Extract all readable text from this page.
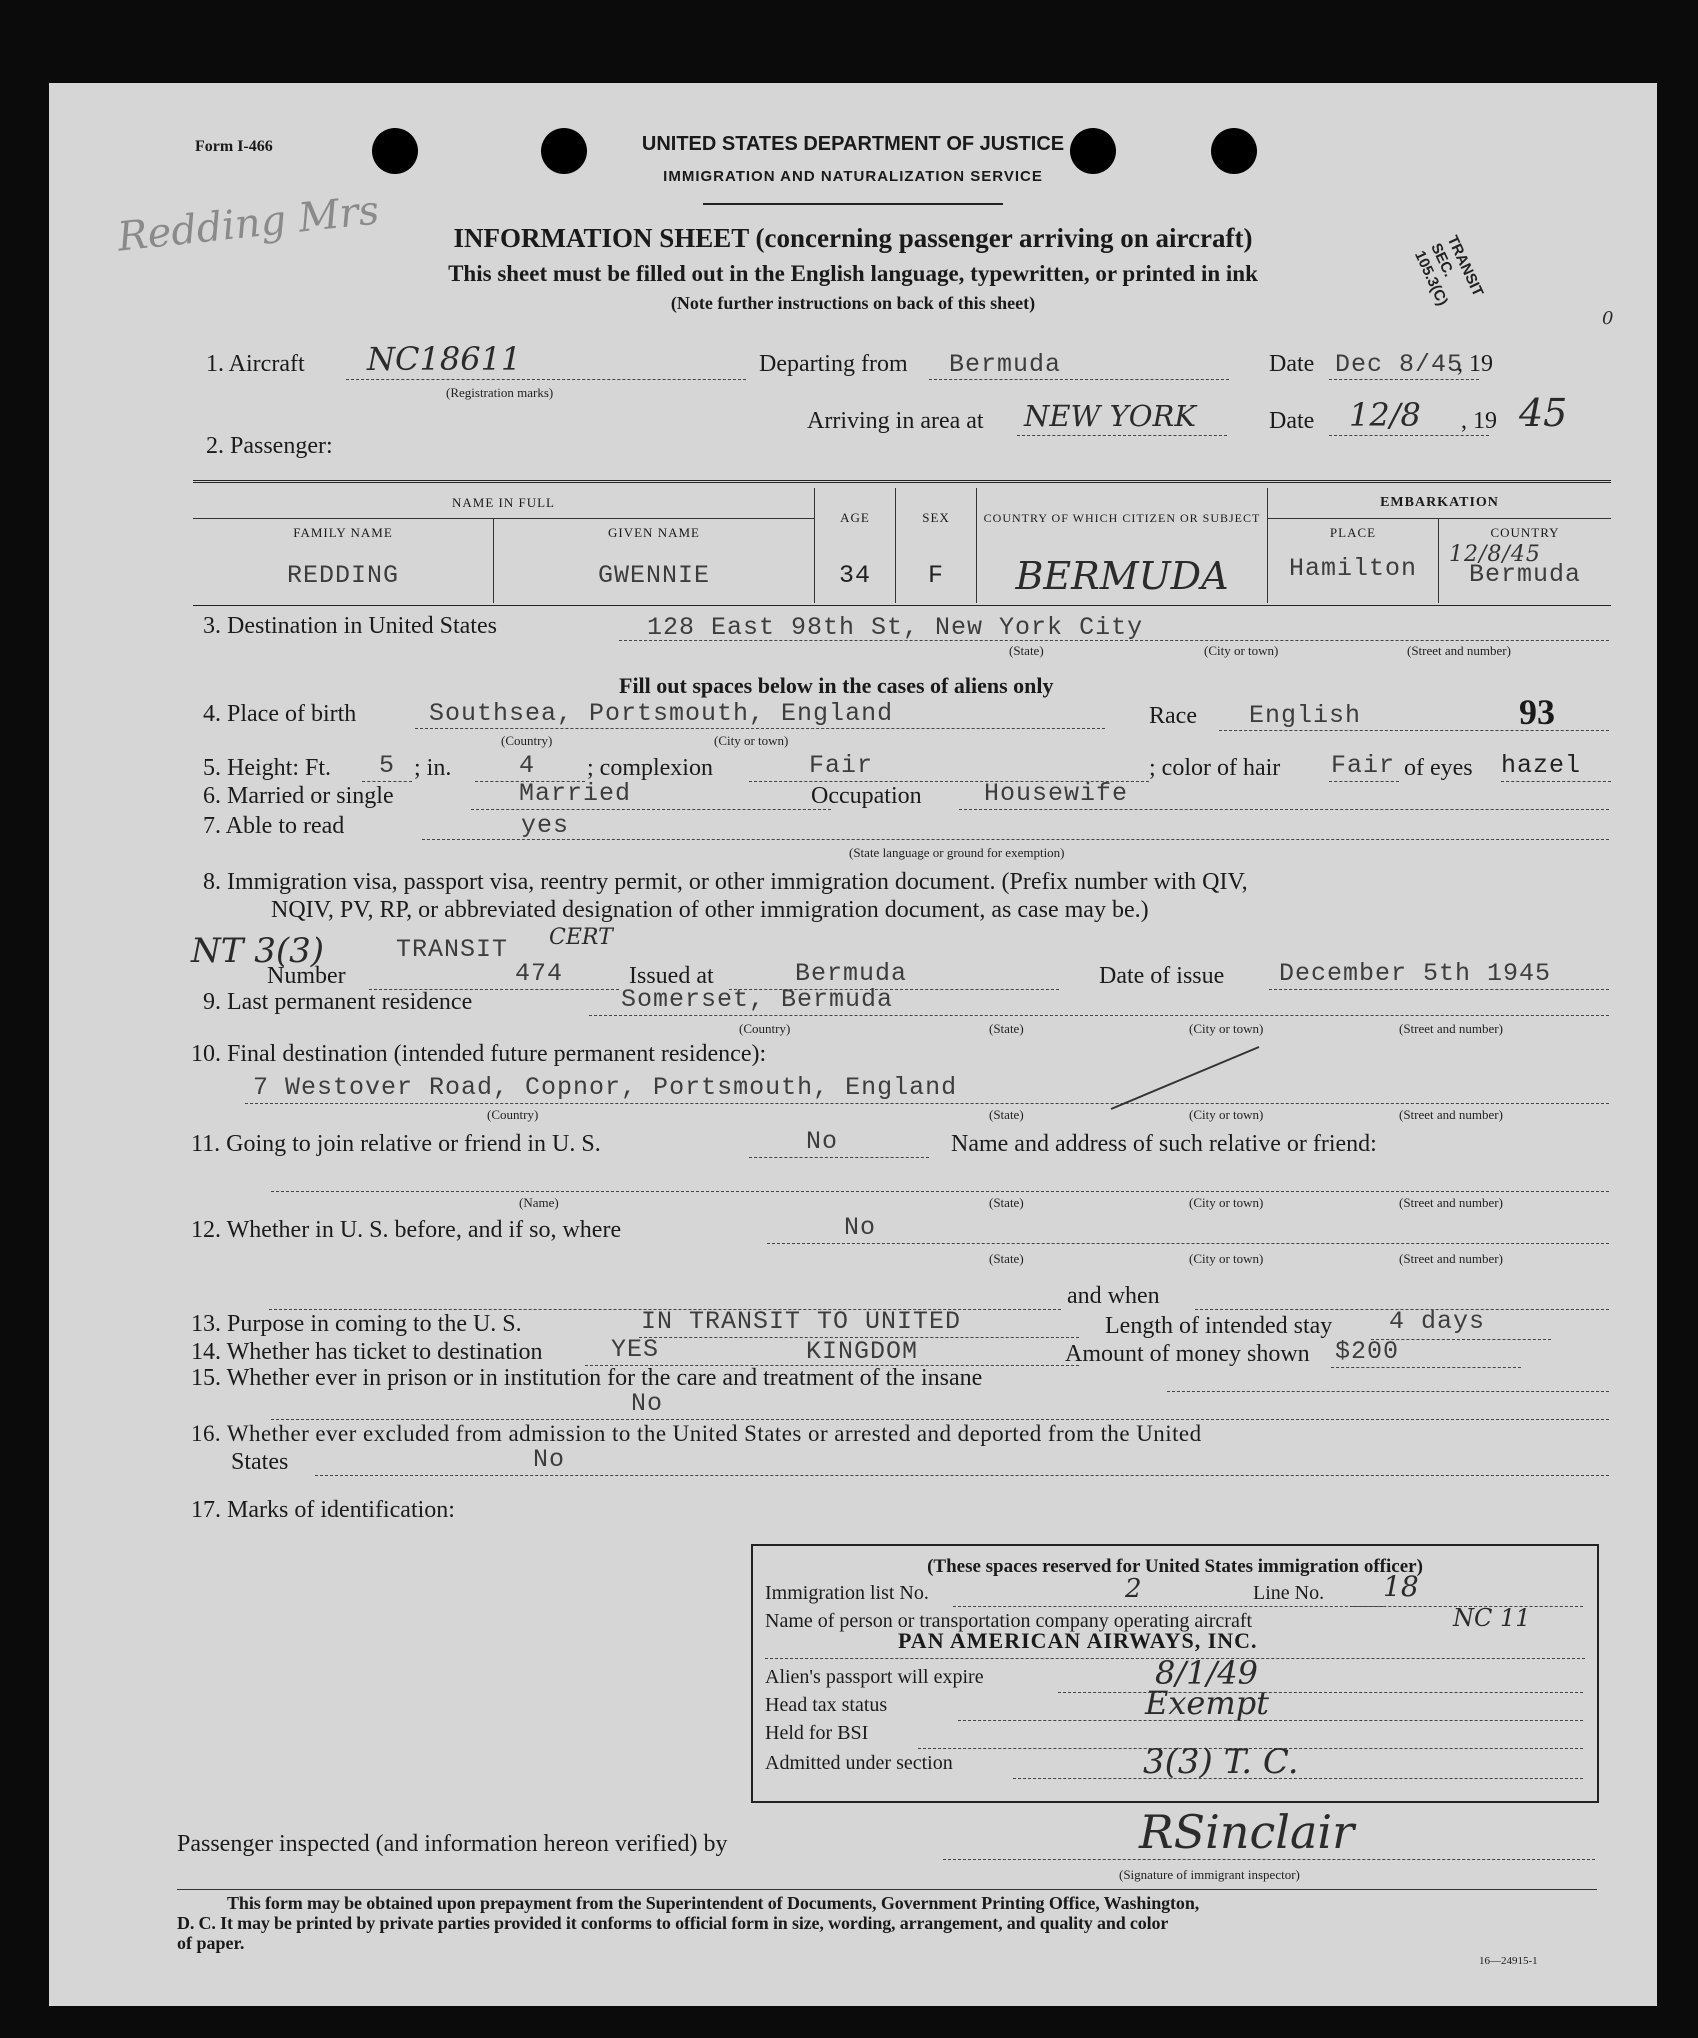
Form I-466
Redding Mrs
UNITED STATES DEPARTMENT OF JUSTICE
IMMIGRATION AND NATURALIZATION SERVICE
INFORMATION SHEET (concerning passenger arriving on aircraft)
This sheet must be filled out in the English language, typewritten, or printed in ink
(Note further instructions on back of this sheet)
TRANSIT SEC. 105.3(C)
0
1. Aircraft NC18611
(Registration marks)
Departing from Bermuda	Date Dec 8/45
, 19
Arriving in area at NEW YORK	Date 12/8 , 19 45
2. Passenger:
NAME IN FULL		AGE	SEX	COUNTRY OF WHICH CITIZEN OR SUBJECT	EMBARKATION	
FAMILY NAME	GIVEN NAME				PLACE	COUNTRY
REDDING	GWENNIE	34	F	BERMUDA	Hamilton	12/8/45
Bermuda
3. Destination in United States	128 East 98th St, New York City
(State)	(City or town)	(Street and number)
Fill out spaces below in the cases of aliens only
4. Place of birth	Southsea, Portsmouth, England
(Country)	(City or town)
Race English	93
5. Height: Ft. 5 ; in.	4 ; complexion	Fair	; color of hair Fair of eyes hazel
6. Married or single	Married	Occupation Housewife
7. Able to read	yes
(State language or ground for exemption)
8. Immigration visa, passport visa, reentry permit, or other immigration document. (Prefix number with QIV,
NQIV, PV, RP, or abbreviated designation of other immigration document, as case may be.)
NT 3(3)	TRANSIT CERT
Number	474	Issued at	Bermuda	Date of issue December 5th 1945
9. Last permanent residence	Somerset, Bermuda
(Country)	(State)	(City or town)	(Street and number)
10. Final destination (intended future permanent residence):
7 Westover Road, Copnor, Portsmouth, England
(Country)	(State)	(City or town)	(Street and number)
11. Going to join relative or friend in U. S.	No	Name and address of such relative or friend:
(Name)	(State)	(City or town)	(Street and number)
12. Whether in U. S. before, and if so, where	No
(State)	(City or town)	(Street and number)
and when
13. Purpose in coming to the U. S.	IN TRANSIT TO UNITED	Length of intended stay 4 days
14. Whether has ticket to destination	YES	KINGDOM	Amount of money shown $200
15. Whether ever in prison or in institution for the care and treatment of the insane
No
16. Whether ever excluded from admission to the United States or arrested and deported from the United
States	No
17. Marks of identification:
(These spaces reserved for United States immigration officer)
Immigration list No.	2	Line No. 18
Name of person or transportation company operating aircraft	NC 11
PAN AMERICAN AIRWAYS, INC.
Alien's passport will expire	8/1/49
Head tax status	Exempt
Held for BSI
Admitted under section	3(3) T. C.
Passenger inspected (and information hereon verified) by	RSinclair
(Signature of immigrant inspector)
This form may be obtained upon prepayment from the Superintendent of Documents, Government Printing Office, Washington,
D. C. It may be printed by private parties provided it conforms to official form in size, wording, arrangement, and quality and color
of paper.
16—24915-1
